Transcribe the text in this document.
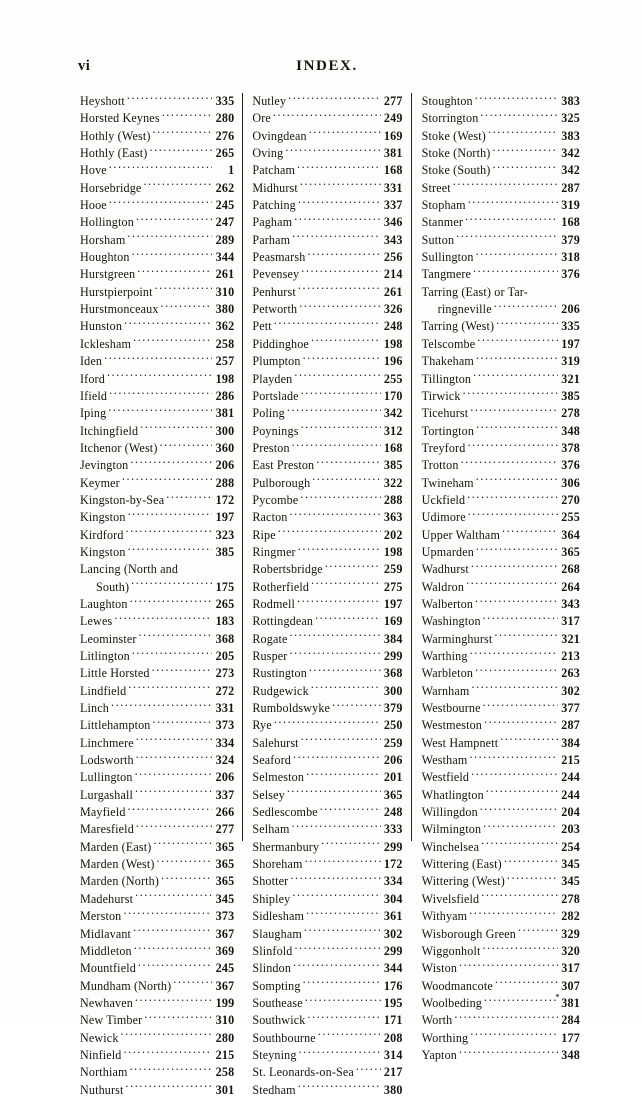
vi	INDEX.
Heyshott .....	335
Horsted Keynes .....	280
Hothly (West) .....	276
Hothly (East) .....	265
Hove .....	1
Horsebridge .....	262
Hooe .....	245
Hollington .....	247
Horsham .....	289
Houghton .....	344
Hurstgreen .....	261
Hurstpierpoint .....	310
Hurstmonceaux .....	380
Hunston .....	362
Icklesham .....	258
Iden .....	257
Iford .....	198
Ifield .....	286
Iping .....	381
Itchingfield .....	300
Itchenor (West) .....	360
Jevington .....	206
Keymer .....	288
Kingston-by-Sea .....	172
Kingston .....	197
Kirdford .....	323
Kingston .....	385
Lancing (North and
South) .....	175
Laughton .....	265
Lewes .....	183
Leominster .....	368
Litlington .....	205
Little Horsted .....	273
Lindfield .....	272
Linch .....	331
Littlehampton .....	373
Linchmere .....	334
Lodsworth .....	324
Lullington .....	206
Lurgashall .....	337
Mayfield .....	266
Maresfield .....	277
Marden (East) .....	365
Marden (West) .....	365
Marden (North) .....	365
Madehurst .....	345
Merston .....	373
Midlavant .....	367
Middleton .....	369
Mountfield .....	245
Mundham (North) .....	367
Newhaven .....	199
New Timber .....	310
Newick .....	280
Ninfield .....	215
Northiam .....	258
Nuthurst .....	301
Nutley .....	277
Ore .....	249
Ovingdean .....	169
Oving .....	381
Patcham .....	168
Midhurst .....	331
Patching .....	337
Pagham .....	346
Parham .....	343
Peasmarsh .....	256
Pevensey .....	214
Penhurst .....	261
Petworth .....	326
Pett .....	248
Piddinghoe .....	198
Plumpton .....	196
Playden .....	255
Portslade .....	170
Poling .....	342
Poynings .....	312
Preston .....	168
East Preston .....	385
Pulborough .....	322
Pycombe .....	288
Racton .....	363
Ripe .....	202
Ringmer .....	198
Robertsbridge .....	259
Rotherfield .....	275
Rodmell .....	197
Rottingdean .....	169
Rogate .....	384
Rusper .....	299
Rustington .....	368
Rudgewick .....	300
Rumboldswyke .....	379
Rye .....	250
Salehurst .....	259
Seaford .....	206
Selmeston .....	201
Selsey .....	365
Sedlescombe .....	248
Selham .....	333
Shermanbury .....	299
Shoreham .....	172
Shotter .....	334
Shipley .....	304
Sidlesham .....	361
Slaugham .....	302
Slinfold .....	299
Slindon .....	344
Sompting .....	176
Southease .....	195
Southwick .....	171
Southbourne .....	208
Steyning .....	314
St. Leonards-on-Sea ..... 217
Stedham .....	380
Stoughton .....	383
Storrington .....	325
Stoke (West) .....	383
Stoke (North) .....	342
Stoke (South) .....	342
Street .....	287
Stopham .....	319
Stanmer .....	168
Sutton .....	379
Sullington .....	318
Tangmere .....	376
Tarring (East) or Tar-
ringneville .....	206
Tarring (West) .....	335
Telscombe .....	197
Thakeham .....	319
Tillington .....	321
Tirwick .....	385
Ticehurst .....	278
Tortington .....	348
Treyford .....	378
Trotton .....	376
Twineham .....	306
Uckfield .....	270
Udimore .....	255
Upper Waltham .....	364
Upmarden .....	365
Wadhurst .....	268
Waldron .....	264
Walberton .....	343
Washington .....	317
Warminghurst .....	321
Warthing .....	213
Warbleton .....	263
Warnham .....	302
Westbourne .....	377
Westmeston .....	287
West Hampnett .....	384
Westham .....	215
Westfield .....	244
Whatlington .....	244
Willingdon .....	204
Wilmington .....	203
Winchelsea .....	254
Wittering (East) .....	345
Wittering (West) .....	345
Wivelsfield .....	278
Withyam .....	282
Wisborough Green .....	329
Wiggonholt .....	320
Wiston .....	317
Woodmancote .....	307
Woolbeding .....	381
Worth .....	284
Worthing .....	177
Yapton .....	348
